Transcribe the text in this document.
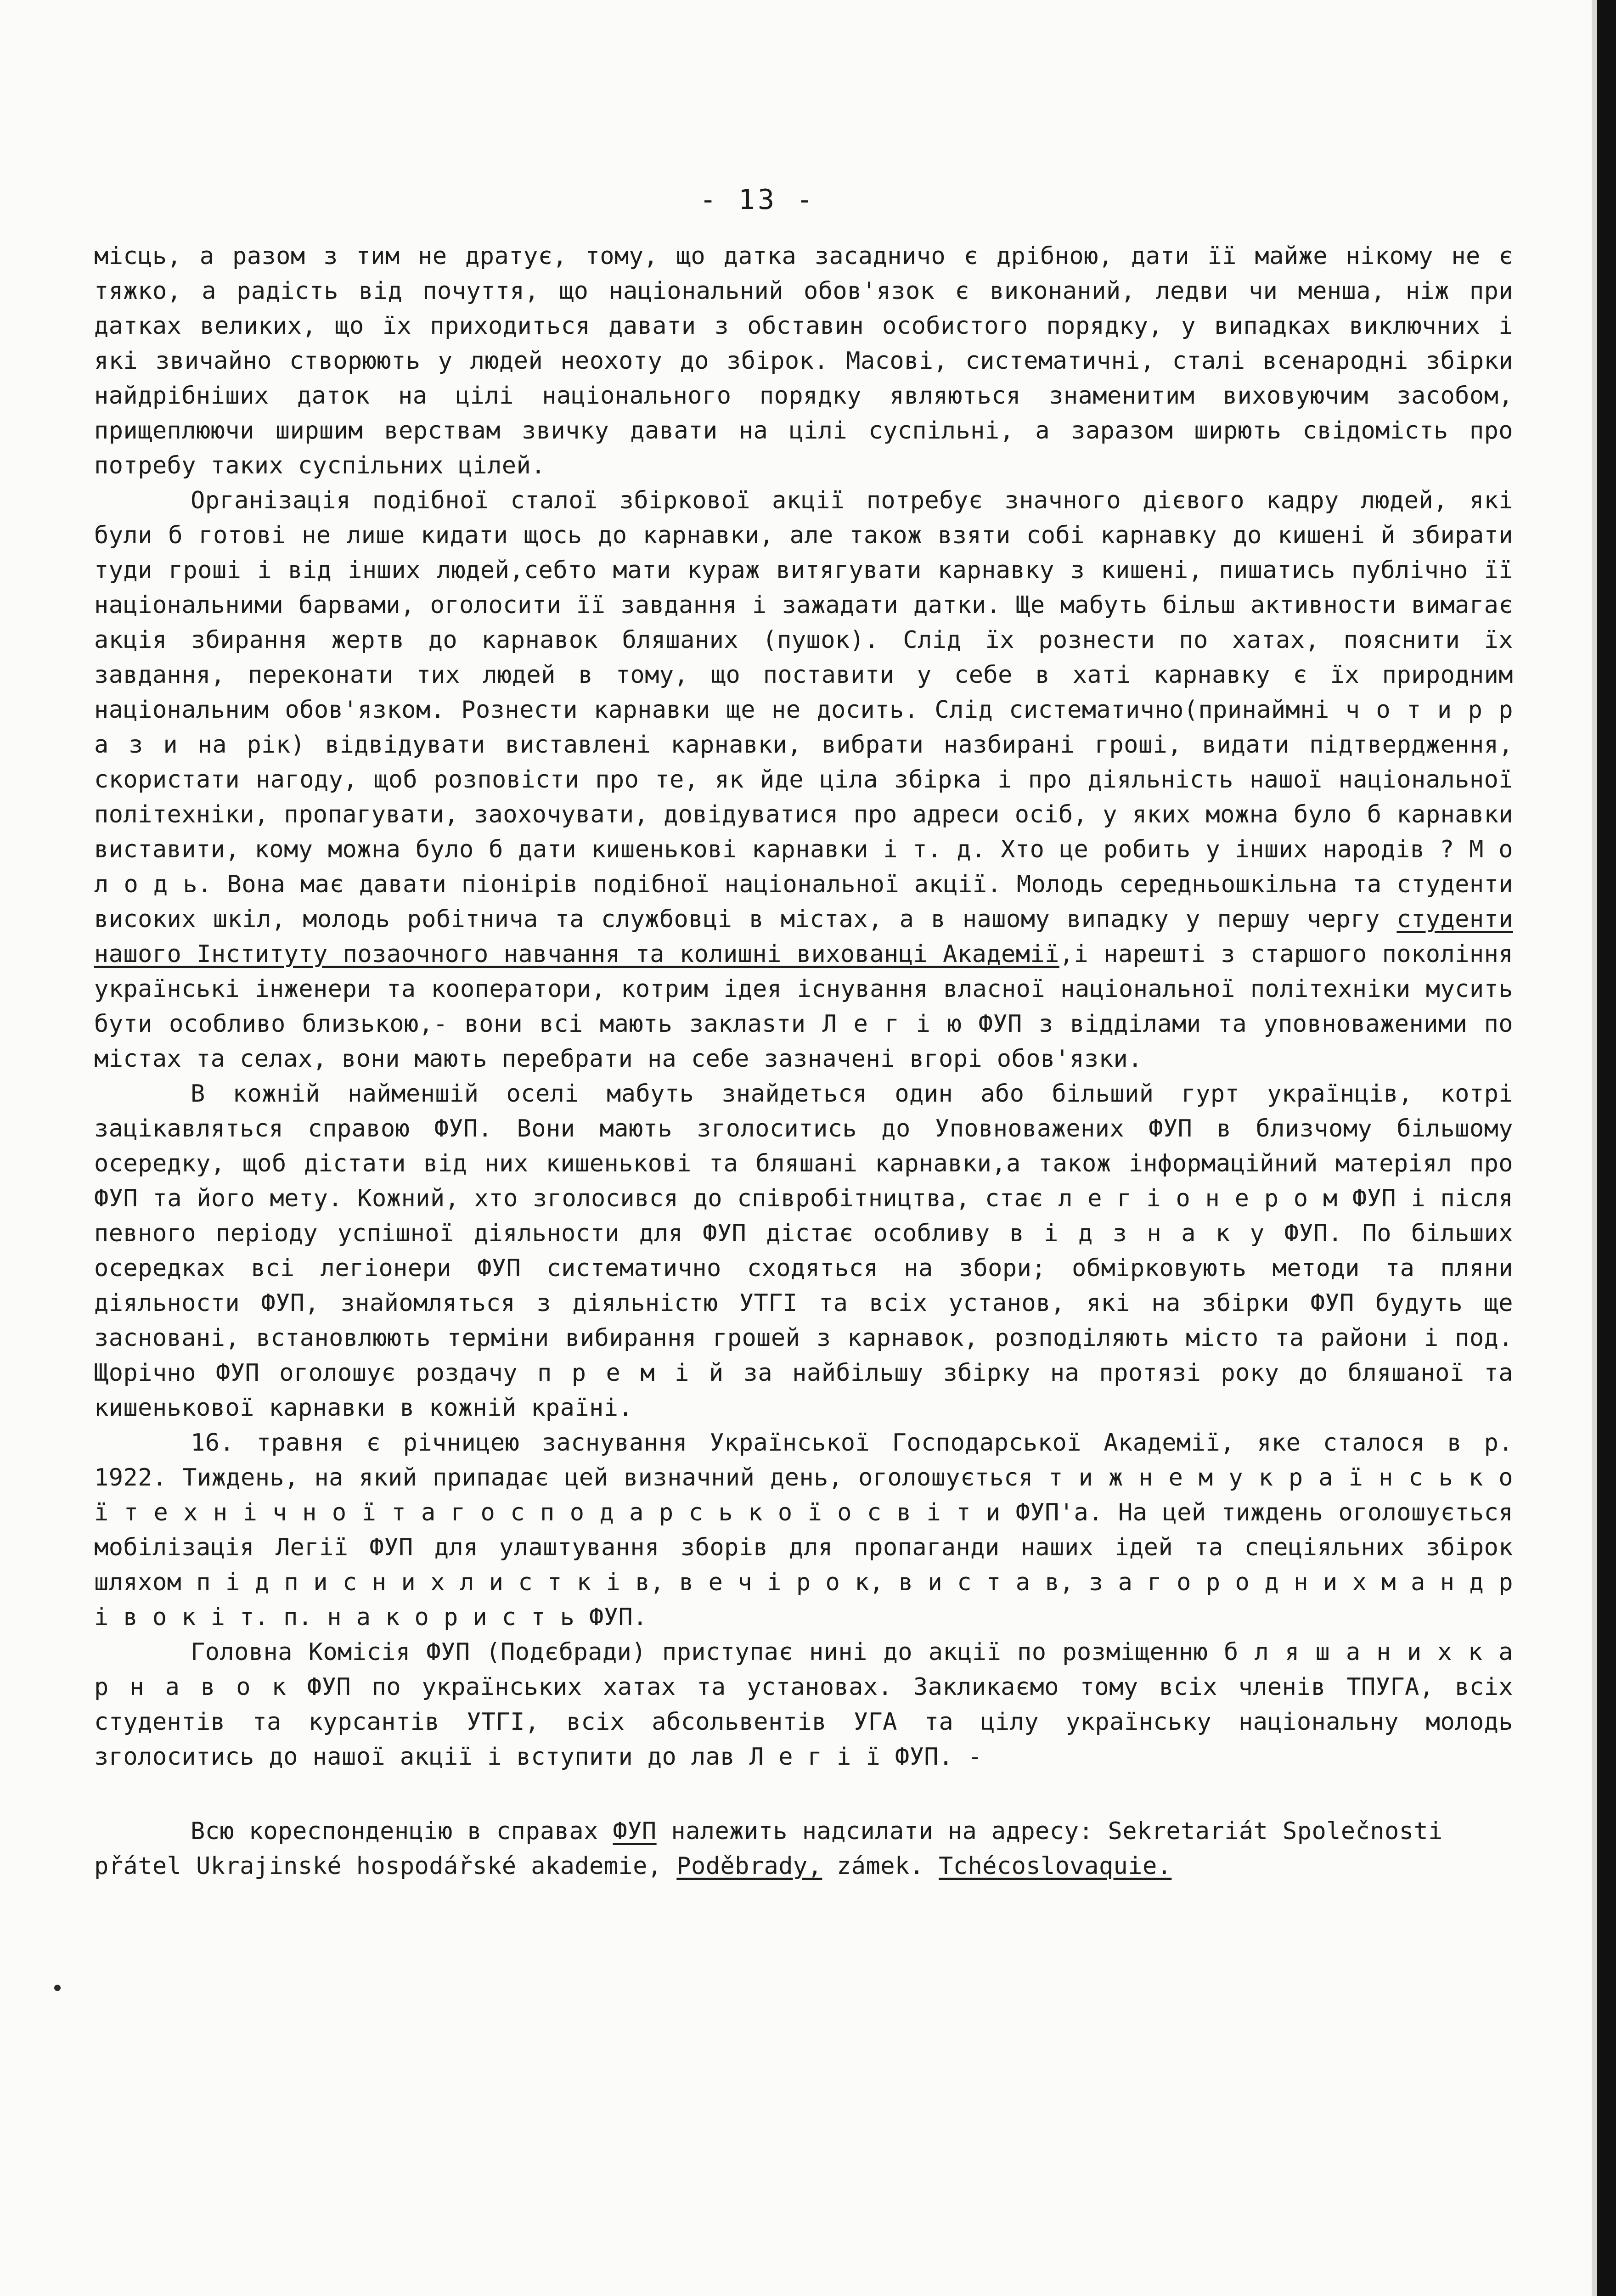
- 13 -

місць, а разом з тим не дратує, тому, що датка засадничо є дрібною, дати її майже нікому не є тяжко, а радість від почуття, що національний обов'язок є виконаний, ледви чи менша, ніж при датках великих, що їх приходиться давати з обставин особистого порядку, у випадках виключних і які звичайно створюють у людей неохоту до збірок. Масові, систематичні, сталі всенародні збірки найдрібніших даток на цілі національного порядку являються знаменитим виховуючим засобом, прищеплюючи ширшим верствам звичку давати на цілі суспільні, а заразом ширють свідомість про потребу таких суспільних цілей.

Організація подібної сталої збіркової акції потребує значного дієвого кадру людей, які були б готові не лише кидати щось до карнавки, але також взяти собі карнавку до кишені й збирати туди гроші і від інших людей,себто мати кураж витягувати карнавку з кишені, пишатись публічно її національними барвами, оголосити її завдання і зажадати датки. Ще мабуть більш активности вимагає акція збирання жертв до карнавок бляшаних (пушок). Слід їх рознести по хатах, пояснити їх завдання, переконати тих людей в тому, що поставити у себе в хаті карнавку є їх природним національним обов'язком. Рознести карнавки ще не досить. Слід систематично(принаймні ч о т и р р а з и на рік) відвідувати виставлені карнавки, вибрати назбирані гроші, видати підтвердження, скористати нагоду, щоб розповісти про те, як йде ціла збірка і про діяльність нашої національної політехніки, пропагувати, заохочувати, довідуватися про адреси осіб, у яких можна було б карнавки виставити, кому можна було б дати кишенькові карнавки і т. д. Хто це робить у інших народів ? М о л о д ь. Вона має давати піонірів подібної національної акції. Молодь середньошкільна та студенти високих шкіл, молодь робітнича та службовці в містах, а в нашому випадку у першу чергу студенти нашого Інституту позаочного навчання та колишні вихованці Академії,і нарешті з старшого покоління українські інженери та кооператори, котрим ідея існування власної національної політехніки мусить бути особливо близькою,- вони всі мають заклasти Л е г і ю ФУП з відділами та уповноваженими по містах та селах, вони мають перебрати на себе зазначені вгорі обов'язки.

В кожній найменшій оселі мабуть знайдеться один або більший гурт українців, котрі зацікавляться справою ФУП. Вони мають зголоситись до Уповноважених ФУП в близчому більшому осередку, щоб дістати від них кишенькові та бляшані карнавки,а також інформаційний матеріял про ФУП та його мету. Кожний, хто зголосився до співробітництва, стає л е г і о н е р о м ФУП і після певного періоду успішної діяльности для ФУП дістає особливу в і д з н а к у ФУП. По більших осередках всі легіонери ФУП систематично сходяться на збори; обмірковують методи та пляни діяльности ФУП, знайомляться з діяльністю УТГІ та всіх установ, які на збірки ФУП будуть ще засновані, встановлюють терміни вибирання грошей з карнавок, розподіляють місто та райони і под. Щорічно ФУП оголошує роздачу п р е м і й за найбільшу збірку на протязі року до бляшаної та кишенькової карнавки в кожній країні.

16. травня є річницею заснування Української Господарської Академії, яке сталося в р. 1922. Тиждень, на який припадає цей визначний день, оголошується т и ж н е м у к р а ї н с ь к о ї т е х н і ч н о ї т а г о с п о д а р с ь к о ї о с в і т и ФУП'а. На цей тиждень оголошується мобілізація Легії ФУП для улаштування зборів для пропаганди наших ідей та спеціяльних збірок шляхом п і д п и с н и х л и с т к і в, в е ч і р о к, в и с т а в, з а г о р о д н и х м а н д р і в о к і т. п. н а к о р и с т ь ФУП.

Головна Комісія ФУП (Подєбради) приступає нині до акції по розміщенню б л я ш а н и х к а р н а в о к ФУП по українських хатах та установах. Закликаємо тому всіх членів ТПУГА, всіх студентів та курсантів УТГІ, всіх абсольвентів УГА та цілу українську національну молодь зголоситись до нашої акції і вступити до лав Л е г і ї ФУП. -

Всю кореспонденцію в справах ФУП належить надсилати на адресу: Sekretariát Společnosti přátel Ukrajinské hospodářské akademie, Poděbrady, zámek. Tchécoslovaquie.
